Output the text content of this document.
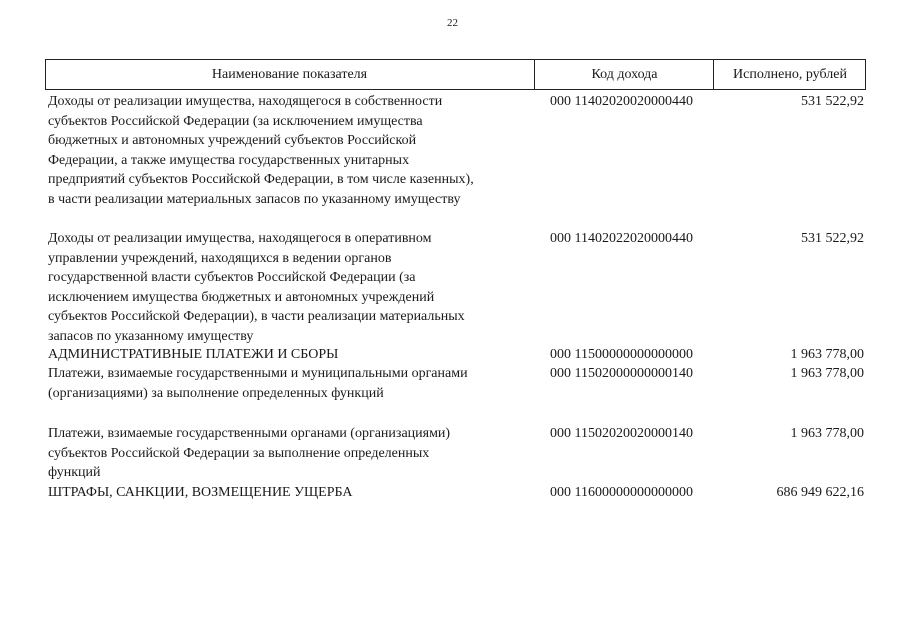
22
Наименование показателя	Код дохода	Исполнено, рублей
Доходы от реализации имущества, находящегося в собственности
субъектов Российской Федерации (за исключением имущества
бюджетных и автономных учреждений субъектов Российской
Федерации, а также имущества государственных унитарных
предприятий субъектов Российской Федерации, в том числе казенных),
в части реализации материальных запасов по указанному имуществу
000 11402020020000440	531 522,92
Доходы от реализации имущества, находящегося в оперативном
управлении учреждений, находящихся в ведении органов
государственной власти субъектов Российской Федерации (за
исключением имущества бюджетных и автономных учреждений
субъектов Российской Федерации), в части реализации материальных
запасов по указанному имуществу
000 11402022020000440	531 522,92
АДМИНИСТРАТИВНЫЕ ПЛАТЕЖИ И СБОРЫ	000 11500000000000000	1 963 778,00
Платежи, взимаемые государственными и муниципальными органами
(организациями) за выполнение определенных функций
000 11502000000000140	1 963 778,00
Платежи, взимаемые государственными органами (организациями)
субъектов Российской Федерации за выполнение определенных
функций
000 11502020020000140	1 963 778,00
ШТРАФЫ, САНКЦИИ, ВОЗМЕЩЕНИЕ УЩЕРБА	000 11600000000000000	686 949 622,16
